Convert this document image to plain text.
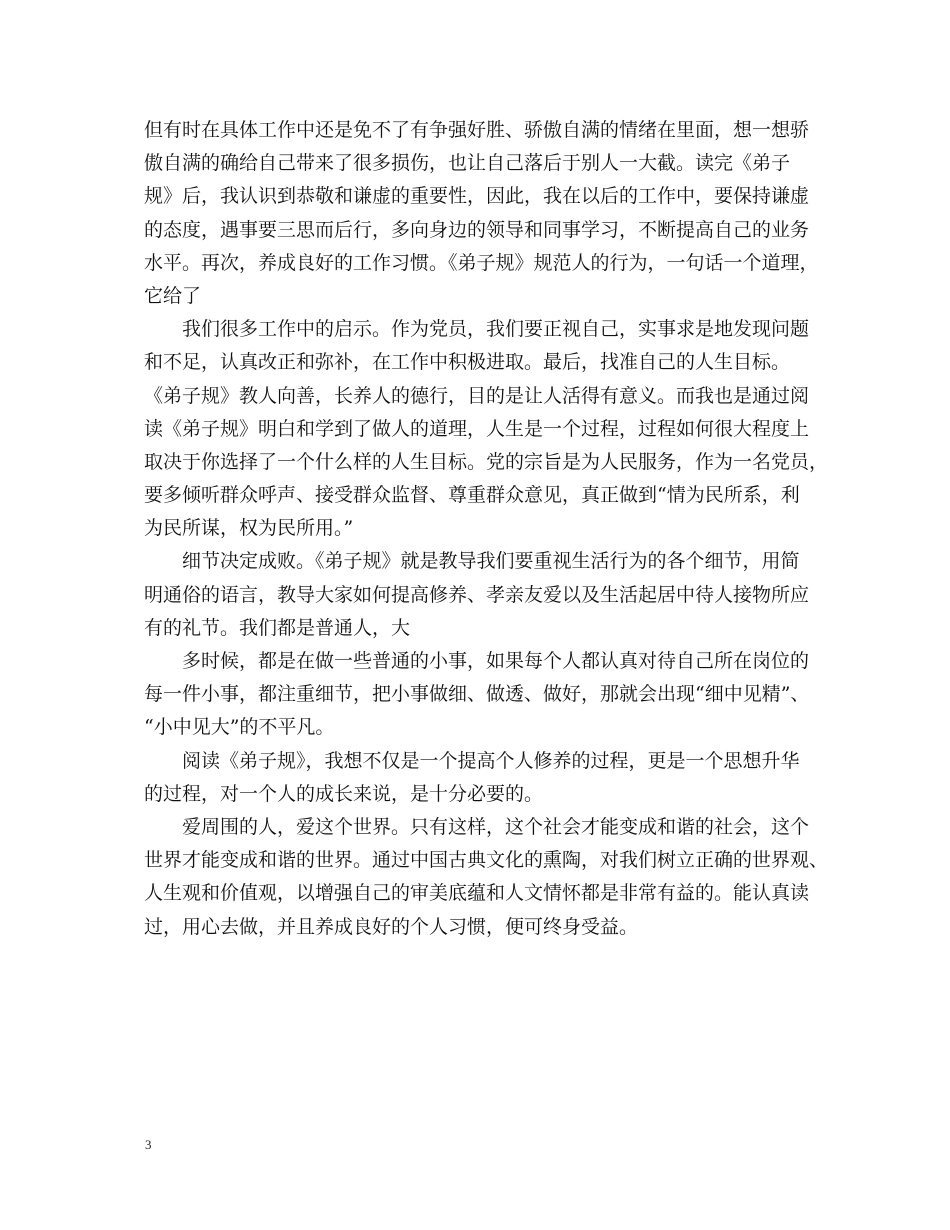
但有时在具体工作中还是免不了有争强好胜、骄傲自满的情绪在里面，想一想骄
傲自满的确给自己带来了很多损伤，也让自己落后于别人一大截。读完《弟子
规》后，我认识到恭敬和谦虚的重要性，因此，我在以后的工作中，要保持谦虚
的态度，遇事要三思而后行，多向身边的领导和同事学习，不断提高自己的业务
水平。再次，养成良好的工作习惯。《弟子规》规范人的行为，一句话一个道理，
它给了
　　我们很多工作中的启示。作为党员，我们要正视自己，实事求是地发现问题
和不足，认真改正和弥补，在工作中积极进取。最后，找准自己的人生目标。
《弟子规》教人向善，长养人的德行，目的是让人活得有意义。而我也是通过阅
读《弟子规》明白和学到了做人的道理，人生是一个过程，过程如何很大程度上
取决于你选择了一个什么样的人生目标。党的宗旨是为人民服务，作为一名党员，
要多倾听群众呼声、接受群众监督、尊重群众意见，真正做到“情为民所系，利
为民所谋，权为民所用。”
　　细节决定成败。《弟子规》就是教导我们要重视生活行为的各个细节，用简
明通俗的语言，教导大家如何提高修养、孝亲友爱以及生活起居中待人接物所应
有的礼节。我们都是普通人，大
　　多时候，都是在做一些普通的小事，如果每个人都认真对待自己所在岗位的
每一件小事，都注重细节，把小事做细、做透、做好，那就会出现“细中见精”、
“小中见大”的不平凡。
　　阅读《弟子规》，我想不仅是一个提高个人修养的过程，更是一个思想升华
的过程，对一个人的成长来说，是十分必要的。
　　爱周围的人，爱这个世界。只有这样，这个社会才能变成和谐的社会，这个
世界才能变成和谐的世界。通过中国古典文化的熏陶，对我们树立正确的世界观、
人生观和价值观，以增强自己的审美底蕴和人文情怀都是非常有益的。能认真读
过，用心去做，并且养成良好的个人习惯，便可终身受益。
3
